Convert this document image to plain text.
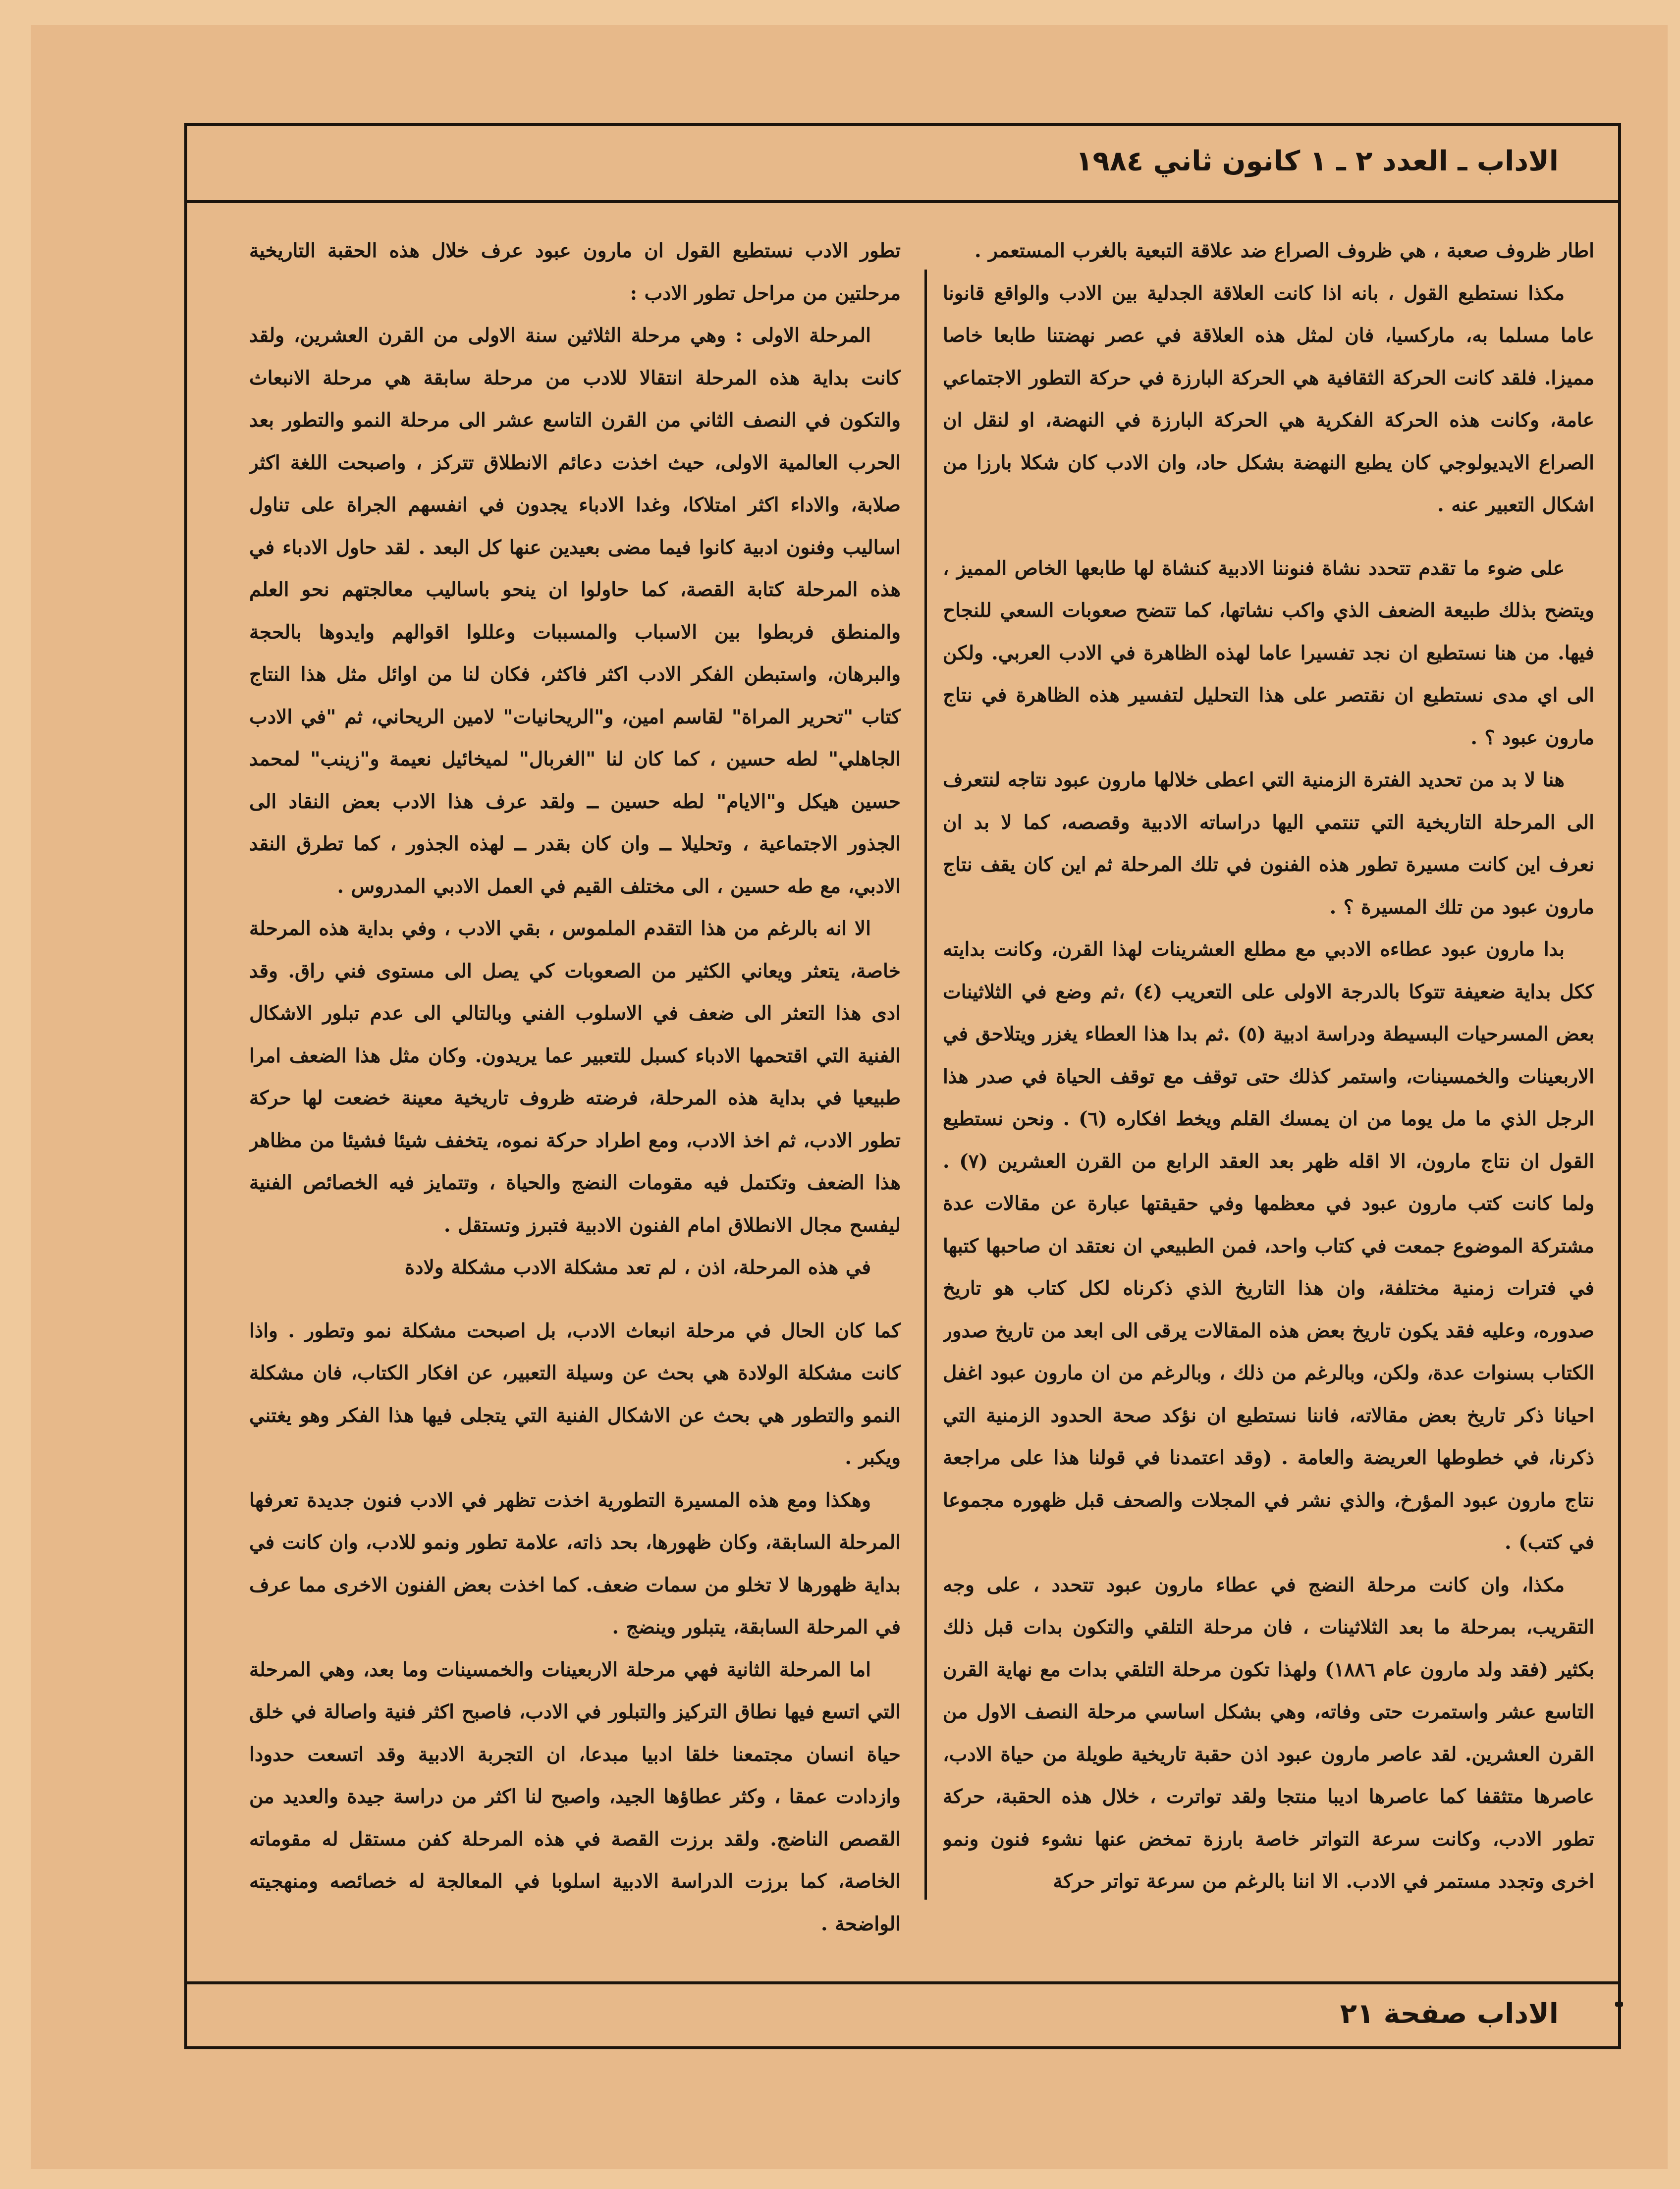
الاداب ـ العدد ٢ ـ ١ كانون ثاني ١٩٨٤

اطار ظروف صعبة ، هي ظروف الصراع ضد علاقة التبعية بالغرب المستعمر .

مكذا نستطيع القول ، بانه اذا كانت العلاقة الجدلية بين الادب والواقع قانونا عاما مسلما به، ماركسيا، فان لمثل هذه العلاقة في عصر نهضتنا طابعا خاصا مميزا. فلقد كانت الحركة الثقافية هي الحركة البارزة في حركة التطور الاجتماعي عامة، وكانت هذه الحركة الفكرية هي الحركة البارزة في النهضة، او لنقل ان الصراع الايديولوجي كان يطبع النهضة بشكل حاد، وان الادب كان شكلا بارزا من اشكال التعبير عنه .

على ضوء ما تقدم تتحدد نشاة فنوننا الادبية كنشاة لها طابعها الخاص المميز ، ويتضح بذلك طبيعة الضعف الذي واكب نشاتها، كما تتضح صعوبات السعي للنجاح فيها. من هنا نستطيع ان نجد تفسيرا عاما لهذه الظاهرة في الادب العربي. ولكن الى اي مدى نستطيع ان نقتصر على هذا التحليل لتفسير هذه الظاهرة في نتاج مارون عبود ؟ .

هنا لا بد من تحديد الفترة الزمنية التي اعطى خلالها مارون عبود نتاجه لنتعرف الى المرحلة التاريخية التي تنتمي اليها دراساته الادبية وقصصه، كما لا بد ان نعرف اين كانت مسيرة تطور هذه الفنون في تلك المرحلة ثم اين كان يقف نتاج مارون عبود من تلك المسيرة ؟ .

بدا مارون عبود عطاءه الادبي مع مطلع العشرينات لهذا القرن، وكانت بدايته ككل بداية ضعيفة تتوكا بالدرجة الاولى على التعريب (٤) ،ثم وضع في الثلاثينات بعض المسرحيات البسيطة ودراسة ادبية (٥) .ثم بدا هذا العطاء يغزر ويتلاحق في الاربعينات والخمسينات، واستمر كذلك حتى توقف مع توقف الحياة في صدر هذا الرجل الذي ما مل يوما من ان يمسك القلم ويخط افكاره (٦) . ونحن نستطيع القول ان نتاج مارون، الا اقله ظهر بعد العقد الرابع من القرن العشرين (٧) . ولما كانت كتب مارون عبود في معظمها وفي حقيقتها عبارة عن مقالات عدة مشتركة الموضوع جمعت في كتاب واحد، فمن الطبيعي ان نعتقد ان صاحبها كتبها في فترات زمنية مختلفة، وان هذا التاريخ الذي ذكرناه لكل كتاب هو تاريخ صدوره، وعليه فقد يكون تاريخ بعض هذه المقالات يرقى الى ابعد من تاريخ صدور الكتاب بسنوات عدة، ولكن، وبالرغم من ذلك ، وبالرغم من ان مارون عبود اغفل احيانا ذكر تاريخ بعض مقالاته، فاننا نستطيع ان نؤكد صحة الحدود الزمنية التي ذكرنا، في خطوطها العريضة والعامة . (وقد اعتمدنا في قولنا هذا على مراجعة نتاج مارون عبود المؤرخ، والذي نشر في المجلات والصحف قبل ظهوره مجموعا في كتب) .

مكذا، وان كانت مرحلة النضج في عطاء مارون عبود تتحدد ، على وجه التقريب، بمرحلة ما بعد الثلاثينات ، فان مرحلة التلقي والتكون بدات قبل ذلك بكثير (فقد ولد مارون عام ١٨٨٦) ولهذا تكون مرحلة التلقي بدات مع نهاية القرن التاسع عشر واستمرت حتى وفاته، وهي بشكل اساسي مرحلة النصف الاول من القرن العشرين. لقد عاصر مارون عبود اذن حقبة تاريخية طويلة من حياة الادب، عاصرها متثقفا كما عاصرها اديبا منتجا ولقد تواترت ، خلال هذه الحقبة، حركة تطور الادب، وكانت سرعة التواتر خاصة بارزة تمخض عنها نشوء فنون ونمو اخرى وتجدد مستمر في الادب. الا اننا بالرغم من سرعة تواتر حركة

تطور الادب نستطيع القول ان مارون عبود عرف خلال هذه الحقبة التاريخية مرحلتين من مراحل تطور الادب :

المرحلة الاولى : وهي مرحلة الثلاثين سنة الاولى من القرن العشرين، ولقد كانت بداية هذه المرحلة انتقالا للادب من مرحلة سابقة هي مرحلة الانبعاث والتكون في النصف الثاني من القرن التاسع عشر الى مرحلة النمو والتطور بعد الحرب العالمية الاولى، حيث اخذت دعائم الانطلاق تتركز ، واصبحت اللغة اكثر صلابة، والاداء اكثر امتلاكا، وغدا الادباء يجدون في انفسهم الجراة على تناول اساليب وفنون ادبية كانوا فيما مضى بعيدين عنها كل البعد . لقد حاول الادباء في هذه المرحلة كتابة القصة، كما حاولوا ان ينحو باساليب معالجتهم نحو العلم والمنطق فربطوا بين الاسباب والمسببات وعللوا اقوالهم وايدوها بالحجة والبرهان، واستبطن الفكر الادب اكثر فاكثر، فكان لنا من اوائل مثل هذا النتاج كتاب "تحرير المراة" لقاسم امين، و"الريحانيات" لامين الريحاني، ثم "في الادب الجاهلي" لطه حسين ، كما كان لنا "الغربال" لميخائيل نعيمة و"زينب" لمحمد حسين هيكل و"الايام" لطه حسين ــ ولقد عرف هذا الادب بعض النقاد الى الجذور الاجتماعية ، وتحليلا ــ وان كان بقدر ــ لهذه الجذور ، كما تطرق النقد الادبي، مع طه حسين ، الى مختلف القيم في العمل الادبي المدروس .

الا انه بالرغم من هذا التقدم الملموس ، بقي الادب ، وفي بداية هذه المرحلة خاصة، يتعثر ويعاني الكثير من الصعوبات كي يصل الى مستوى فني راق. وقد ادى هذا التعثر الى ضعف في الاسلوب الفني وبالتالي الى عدم تبلور الاشكال الفنية التي اقتحمها الادباء كسبل للتعبير عما يريدون. وكان مثل هذا الضعف امرا طبيعيا في بداية هذه المرحلة، فرضته ظروف تاريخية معينة خضعت لها حركة تطور الادب، ثم اخذ الادب، ومع اطراد حركة نموه، يتخفف شيئا فشيئا من مظاهر هذا الضعف وتكتمل فيه مقومات النضج والحياة ، وتتمايز فيه الخصائص الفنية ليفسح مجال الانطلاق امام الفنون الادبية فتبرز وتستقل .

في هذه المرحلة، اذن ، لم تعد مشكلة الادب مشكلة ولادة

كما كان الحال في مرحلة انبعاث الادب، بل اصبحت مشكلة نمو وتطور . واذا كانت مشكلة الولادة هي بحث عن وسيلة التعبير، عن افكار الكتاب، فان مشكلة النمو والتطور هي بحث عن الاشكال الفنية التي يتجلى فيها هذا الفكر وهو يغتني ويكبر .

وهكذا ومع هذه المسيرة التطورية اخذت تظهر في الادب فنون جديدة تعرفها المرحلة السابقة، وكان ظهورها، بحد ذاته، علامة تطور ونمو للادب، وان كانت في بداية ظهورها لا تخلو من سمات ضعف. كما اخذت بعض الفنون الاخرى مما عرف في المرحلة السابقة، يتبلور وينضج .

اما المرحلة الثانية فهي مرحلة الاربعينات والخمسينات وما بعد، وهي المرحلة التي اتسع فيها نطاق التركيز والتبلور في الادب، فاصبح اكثر فنية واصالة في خلق حياة انسان مجتمعنا خلقا ادبيا مبدعا، ان التجربة الادبية وقد اتسعت حدودا وازدادت عمقا ، وكثر عطاؤها الجيد، واصبح لنا اكثر من دراسة جيدة والعديد من القصص الناضج. ولقد برزت القصة في هذه المرحلة كفن مستقل له مقوماته الخاصة، كما برزت الدراسة الادبية اسلوبا في المعالجة له خصائصه ومنهجيته الواضحة .

الاداب صفحة ٢١
